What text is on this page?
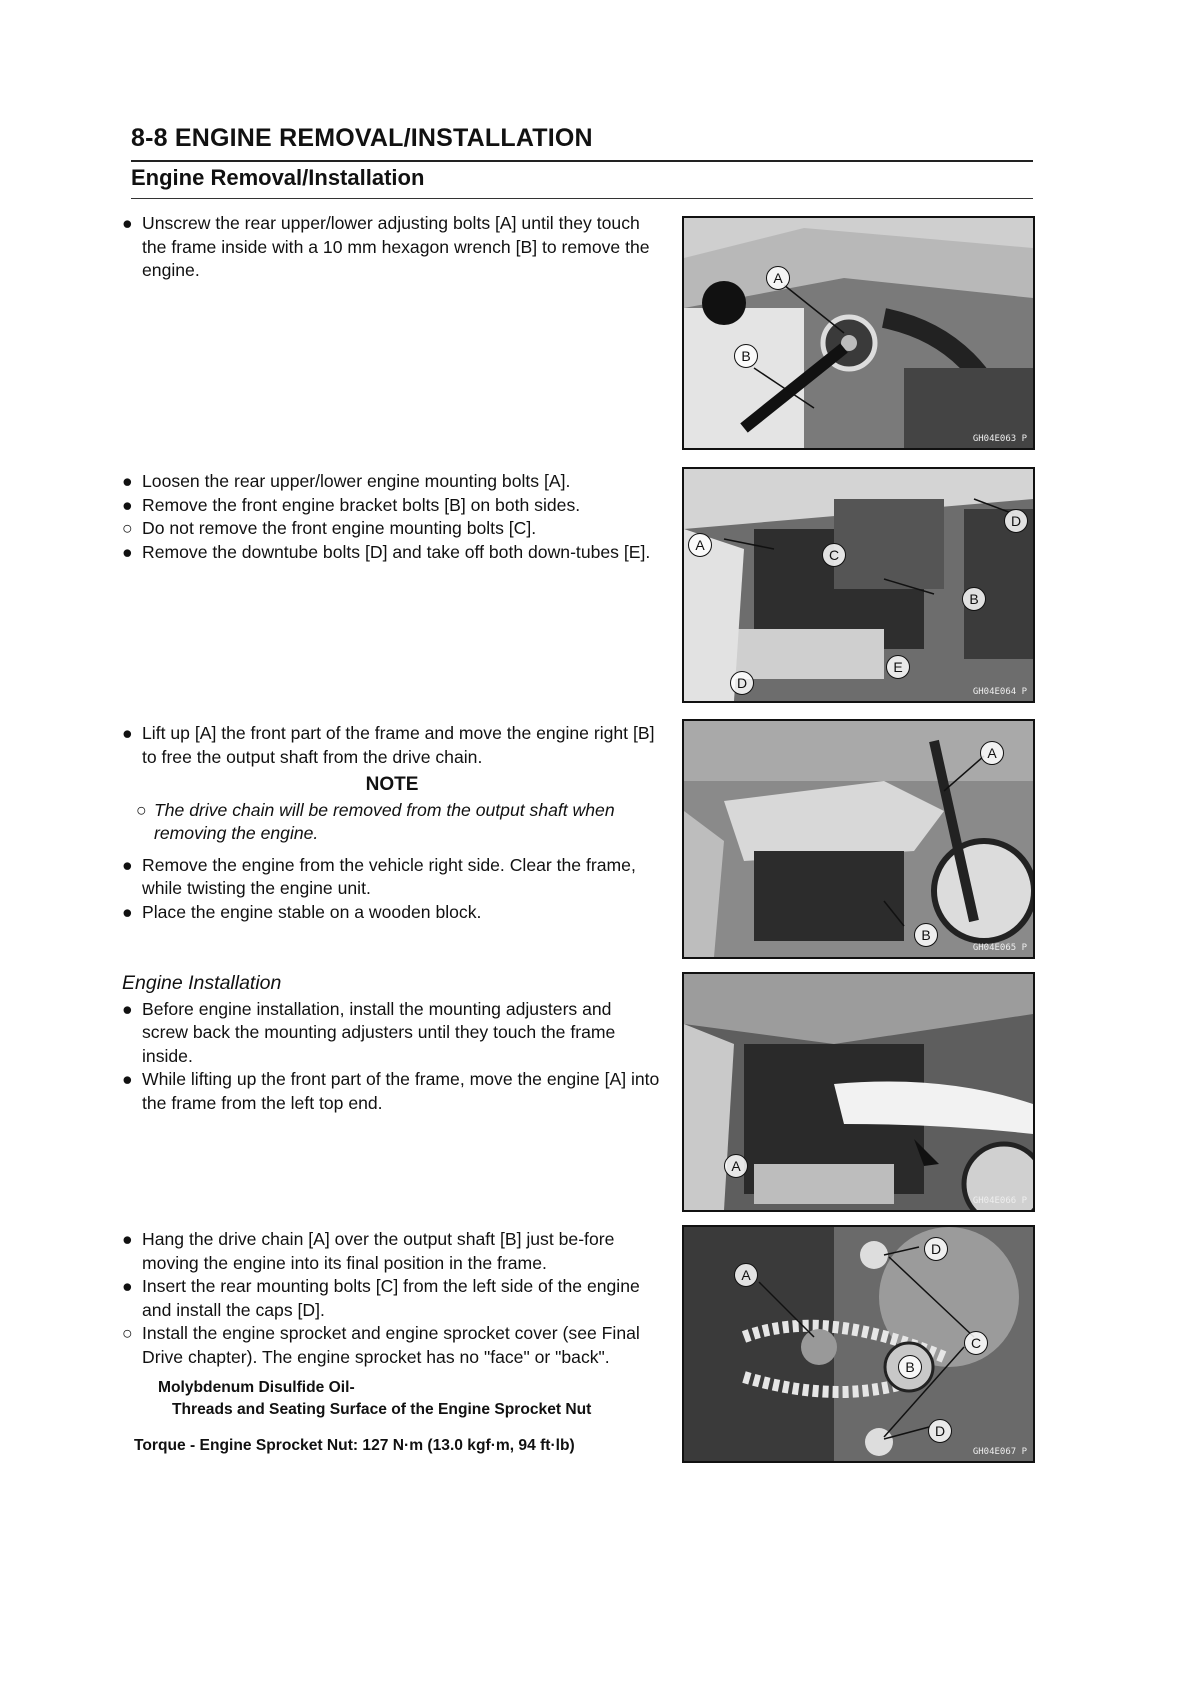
8-8 ENGINE REMOVAL/INSTALLATION
Engine Removal/Installation
● Unscrew the rear upper/lower adjusting bolts [A] until they touch the frame inside with a 10 mm hexagon wrench [B] to remove the engine.
● Loosen the rear upper/lower engine mounting bolts [A].
● Remove the front engine bracket bolts [B] on both sides.
○ Do not remove the front engine mounting bolts [C].
● Remove the downtube bolts [D] and take off both down-tubes [E].
● Lift up [A] the front part of the frame and move the engine right [B] to free the output shaft from the drive chain.
NOTE
○ The drive chain will be removed from the output shaft when removing the engine.
● Remove the engine from the vehicle right side. Clear the frame, while twisting the engine unit.
● Place the engine stable on a wooden block.
Engine Installation
● Before engine installation, install the mounting adjusters and screw back the mounting adjusters until they touch the frame inside.
● While lifting up the front part of the frame, move the engine [A] into the frame from the left top end.
● Hang the drive chain [A] over the output shaft [B] just be-fore moving the engine into its final position in the frame.
● Insert the rear mounting bolts [C] from the left side of the engine and install the caps [D].
○ Install the engine sprocket and engine sprocket cover (see Final Drive chapter). The engine sprocket has no "face" or "back".
Molybdenum Disulfide Oil-
Threads and Seating Surface of the Engine Sprocket Nut
Torque - Engine Sprocket Nut: 127 N·m (13.0 kgf·m, 94 ft·lb)
A
B
GH04E063 P
D
A
C
B
D
E
GH04E064 P
A
B
GH04E065 P
A
GH04E066 P
D
A
C
B
D
GH04E067 P
